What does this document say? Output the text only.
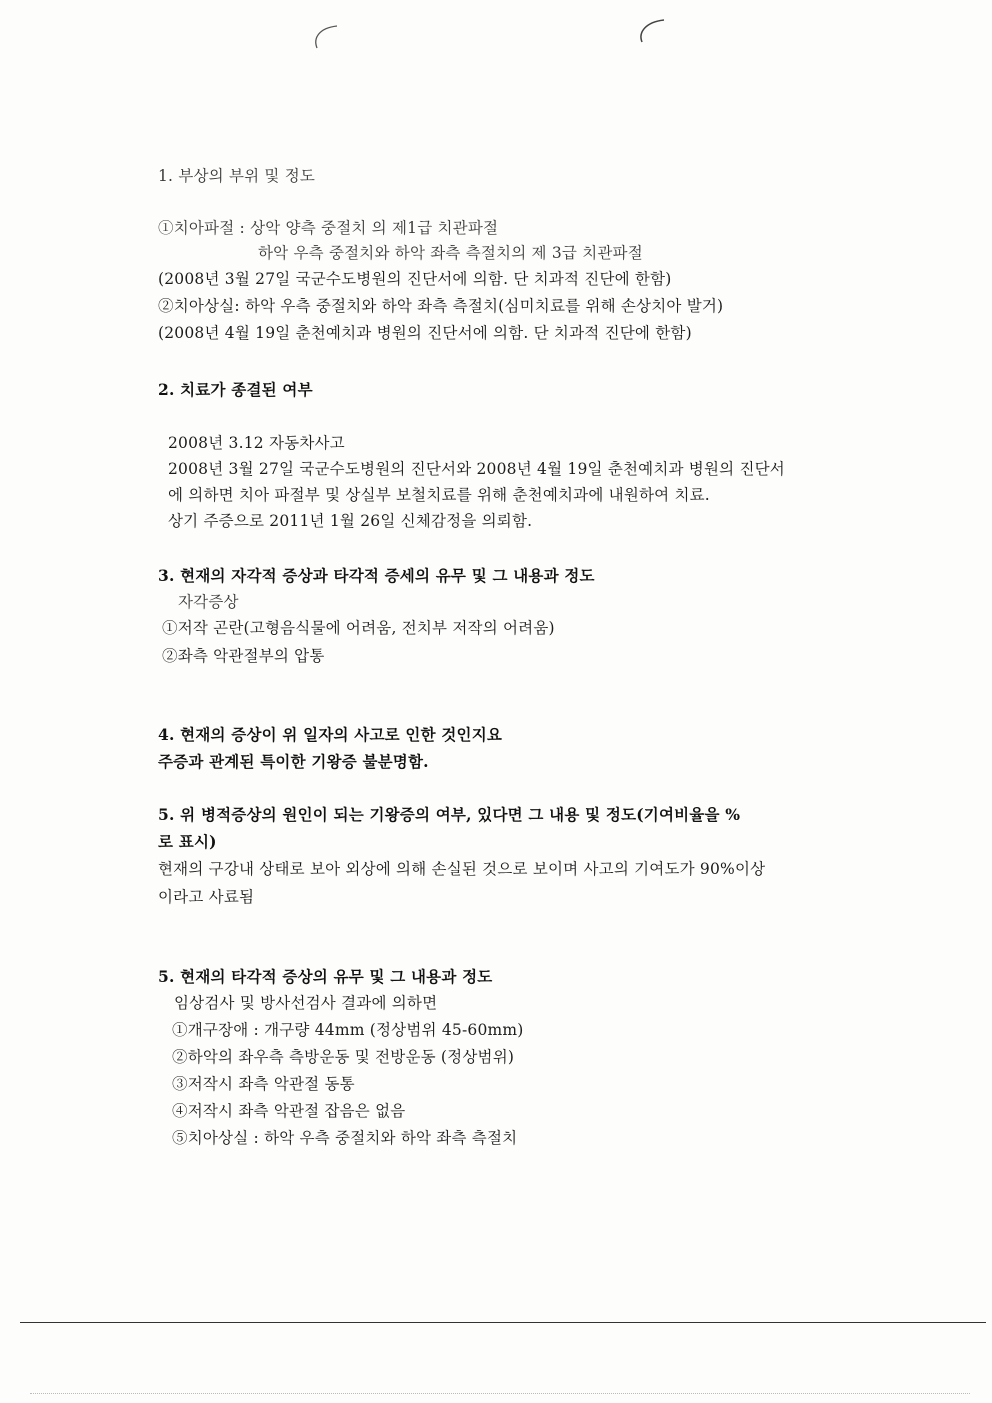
1. 부상의 부위 및 정도
①치아파절 : 상악 양측 중절치 의 제1급 치관파절
하악 우측 중절치와 하악 좌측 측절치의 제 3급 치관파절
(2008년 3월 27일 국군수도병원의 진단서에 의함. 단 치과적 진단에 한함)
②치아상실: 하악 우측 중절치와 하악 좌측 측절치(심미치료를 위해 손상치아 발거)
(2008년 4월 19일 춘천예치과 병원의 진단서에 의함. 단 치과적 진단에 한함)
2. 치료가 종결된 여부
2008년 3.12 자동차사고
2008년 3월 27일 국군수도병원의 진단서와 2008년 4월 19일 춘천예치과 병원의 진단서
에 의하면 치아 파절부 및 상실부 보철치료를 위해 춘천예치과에 내원하여 치료.
상기 주증으로 2011년 1월 26일 신체감정을 의뢰함.
3. 현재의 자각적 증상과 타각적 증세의 유무 및 그 내용과 정도
자각증상
①저작 곤란(고형음식물에 어려움, 전치부 저작의 어려움)
②좌측 악관절부의 압통
4. 현재의 증상이 위 일자의 사고로 인한 것인지요
주증과 관계된 특이한 기왕증 불분명함.
5. 위 병적증상의 원인이 되는 기왕증의 여부, 있다면 그 내용 및 정도(기여비율을 %
로 표시)
현재의 구강내 상태로 보아 외상에 의해 손실된 것으로 보이며 사고의 기여도가 90%이상
이라고 사료됨
5. 현재의 타각적 증상의 유무 및 그 내용과 정도
임상검사 및 방사선검사 결과에 의하면
①개구장애 : 개구량 44mm (정상범위 45-60mm)
②하악의 좌우측 측방운동 및 전방운동 (정상범위)
③저작시 좌측 악관절 동통
④저작시 좌측 악관절 잡음은 없음
⑤치아상실 : 하악 우측 중절치와 하악 좌측 측절치
